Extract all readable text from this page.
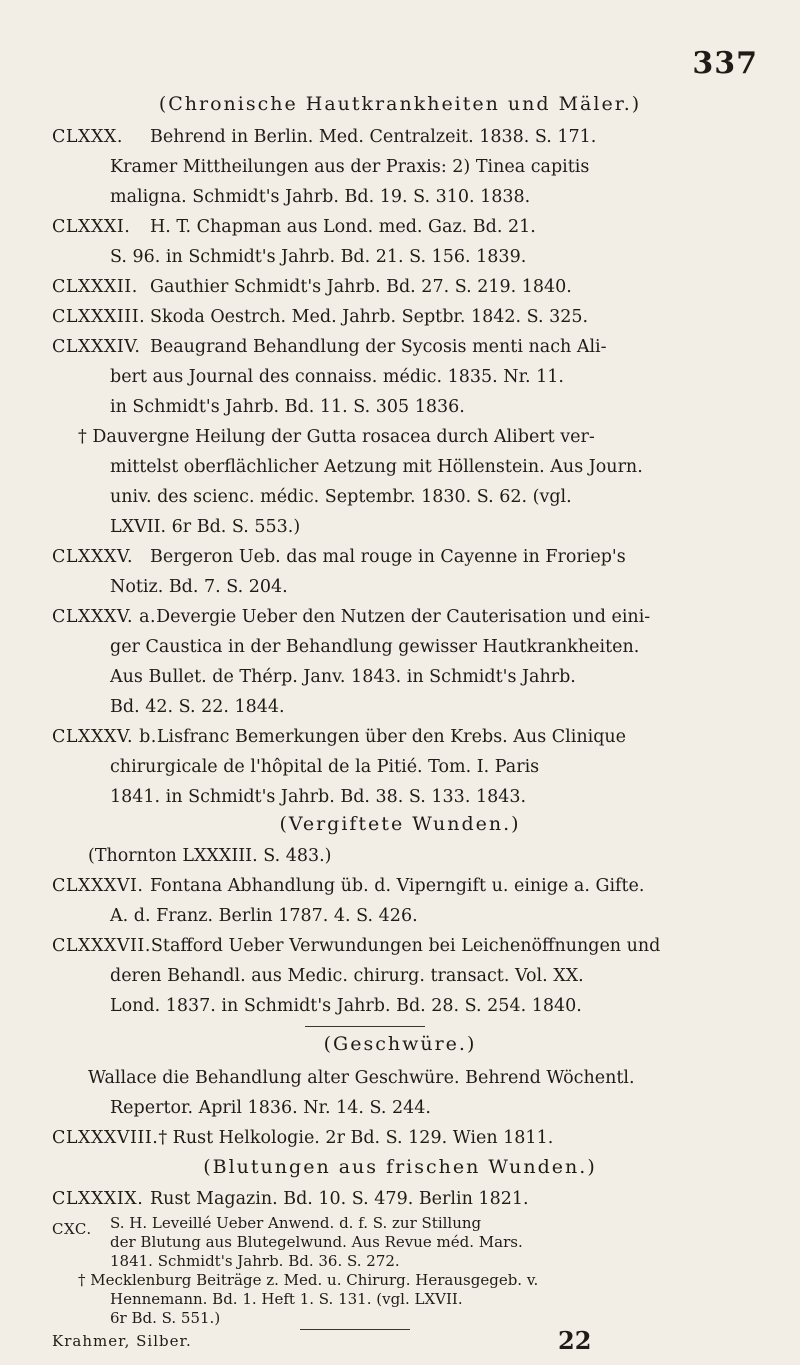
337
(Chronische Hautkrankheiten und Mäler.)
CLXXX. Behrend in Berlin. Med. Centralzeit. 1838. S. 171.
Kramer Mittheilungen aus der Praxis: 2) Tinea capitis
maligna. Schmidt's Jahrb. Bd. 19. S. 310. 1838.
CLXXXI. H. T. Chapman aus Lond. med. Gaz. Bd. 21.
S. 96. in Schmidt's Jahrb. Bd. 21. S. 156. 1839.
CLXXXII. Gauthier Schmidt's Jahrb. Bd. 27. S. 219. 1840.
CLXXXIII. Skoda Oestrch. Med. Jahrb. Septbr. 1842. S. 325.
CLXXXIV. Beaugrand Behandlung der Sycosis menti nach Ali-
bert aus Journal des connaiss. médic. 1835. Nr. 11.
in Schmidt's Jahrb. Bd. 11. S. 305 1836.
† Dauvergne Heilung der Gutta rosacea durch Alibert ver-
mittelst oberflächlicher Aetzung mit Höllenstein. Aus Journ.
univ. des scienc. médic. Septembr. 1830. S. 62. (vgl.
LXVII. 6r Bd. S. 553.)
CLXXXV. Bergeron Ueb. das mal rouge in Cayenne in Froriep's
Notiz. Bd. 7. S. 204.
CLXXXV. a.Devergie Ueber den Nutzen der Cauterisation und eini-
ger Caustica in der Behandlung gewisser Hautkrankheiten.
Aus Bullet. de Thérp. Janv. 1843. in Schmidt's Jahrb.
Bd. 42. S. 22. 1844.
CLXXXV. b.Lisfranc Bemerkungen über den Krebs. Aus Clinique
chirurgicale de l'hôpital de la Pitié. Tom. I. Paris
1841. in Schmidt's Jahrb. Bd. 38. S. 133. 1843.
(Vergiftete Wunden.)
(Thornton LXXXIII. S. 483.)
CLXXXVI. Fontana Abhandlung üb. d. Viperngift u. einige a. Gifte.
A. d. Franz. Berlin 1787. 4. S. 426.
CLXXXVII.Stafford Ueber Verwundungen bei Leichenöffnungen und
deren Behandl. aus Medic. chirurg. transact. Vol. XX.
Lond. 1837. in Schmidt's Jahrb. Bd. 28. S. 254. 1840.
(Geschwüre.)
Wallace die Behandlung alter Geschwüre. Behrend Wöchentl.
Repertor. April 1836. Nr. 14. S. 244.
CLXXXVIII.† Rust Helkologie. 2r Bd. S. 129. Wien 1811.
(Blutungen aus frischen Wunden.)
CLXXXIX. Rust Magazin. Bd. 10. S. 479. Berlin 1821.
CXC.
Krahmer, Silber.	22
S. H. Leveillé Ueber Anwend. d. f. S. zur Stillung
der Blutung aus Blutegelwund. Aus Revue méd. Mars.
1841. Schmidt's Jahrb. Bd. 36. S. 272.
† Mecklenburg Beiträge z. Med. u. Chirurg. Herausgegeb. v.
Hennemann. Bd. 1. Heft 1. S. 131. (vgl. LXVII.
6r Bd. S. 551.)
